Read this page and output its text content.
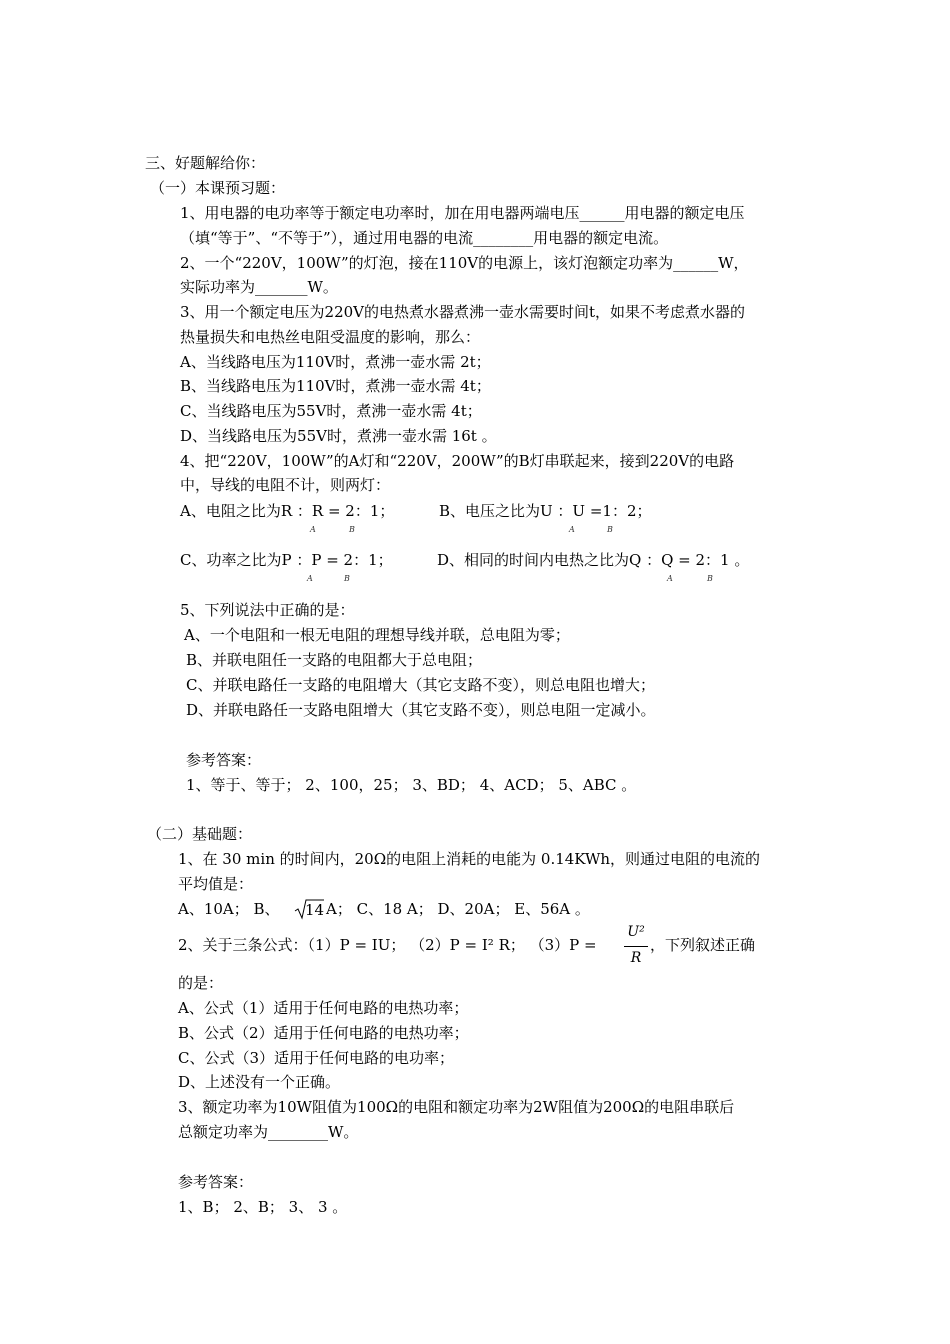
三、好题解给你：
（一）本课预习题：
1、用电器的电功率等于额定电功率时，加在用电器两端电压______用电器的额定电压
（填“等于”、“不等于”），通过用电器的电流________用电器的额定电流。
2、一个“220V，100W”的灯泡，接在110V的电源上，该灯泡额定功率为______W，
实际功率为_______W。
3、用一个额定电压为220V的电热煮水器煮沸一壶水需要时间t，如果不考虑煮水器的
热量损失和电热丝电阻受温度的影响，那么：
A、当线路电压为110V时，煮沸一壶水需 2t；
B、当线路电压为110V时，煮沸一壶水需 4t；
C、当线路电压为55V时，煮沸一壶水需 4t；
D、当线路电压为55V时，煮沸一壶水需 16t 。
4、把“220V，100W”的A灯和“220V，200W”的B灯串联起来，接到220V的电路
中，导线的电阻不计，则两灯：
A、电阻之比为R ：R = 2：1；
A	B
B、电压之比为U ：U =1：2；
A	B
C、功率之比为P ：P = 2：1；
A	B
D、相同的时间内电热之比为Q ：Q = 2：1 。
A	B
5、下列说法中正确的是：
A、一个电阻和一根无电阻的理想导线并联，总电阻为零；
B、并联电阻任一支路的电阻都大于总电阻；
C、并联电路任一支路的电阻增大（其它支路不变），则总电阻也增大；
D、并联电路任一支路电阻增大（其它支路不变），则总电阻一定减小。
参考答案：
1、等于、等于； 2、100，25； 3、BD； 4、ACD； 5、ABC 。
（二）基础题：
1、在 30 min 的时间内，20Ω的电阻上消耗的电能为 0.14KWh，则通过电阻的电流的
平均值是：
A、10A； B、 14 A； C、18 A； D、20A； E、56A 。
2、关于三条公式：（1）P = IU； （2）P = I² R； （3）P =
U²
R
，下列叙述正确
的是：
A、公式（1）适用于任何电路的电热功率；
B、公式（2）适用于任何电路的电热功率；
C、公式（3）适用于任何电路的电功率；
D、上述没有一个正确。
3、额定功率为10W阻值为100Ω的电阻和额定功率为2W阻值为200Ω的电阻串联后
总额定功率为________W。
参考答案：
1、B； 2、B； 3、 3 。
